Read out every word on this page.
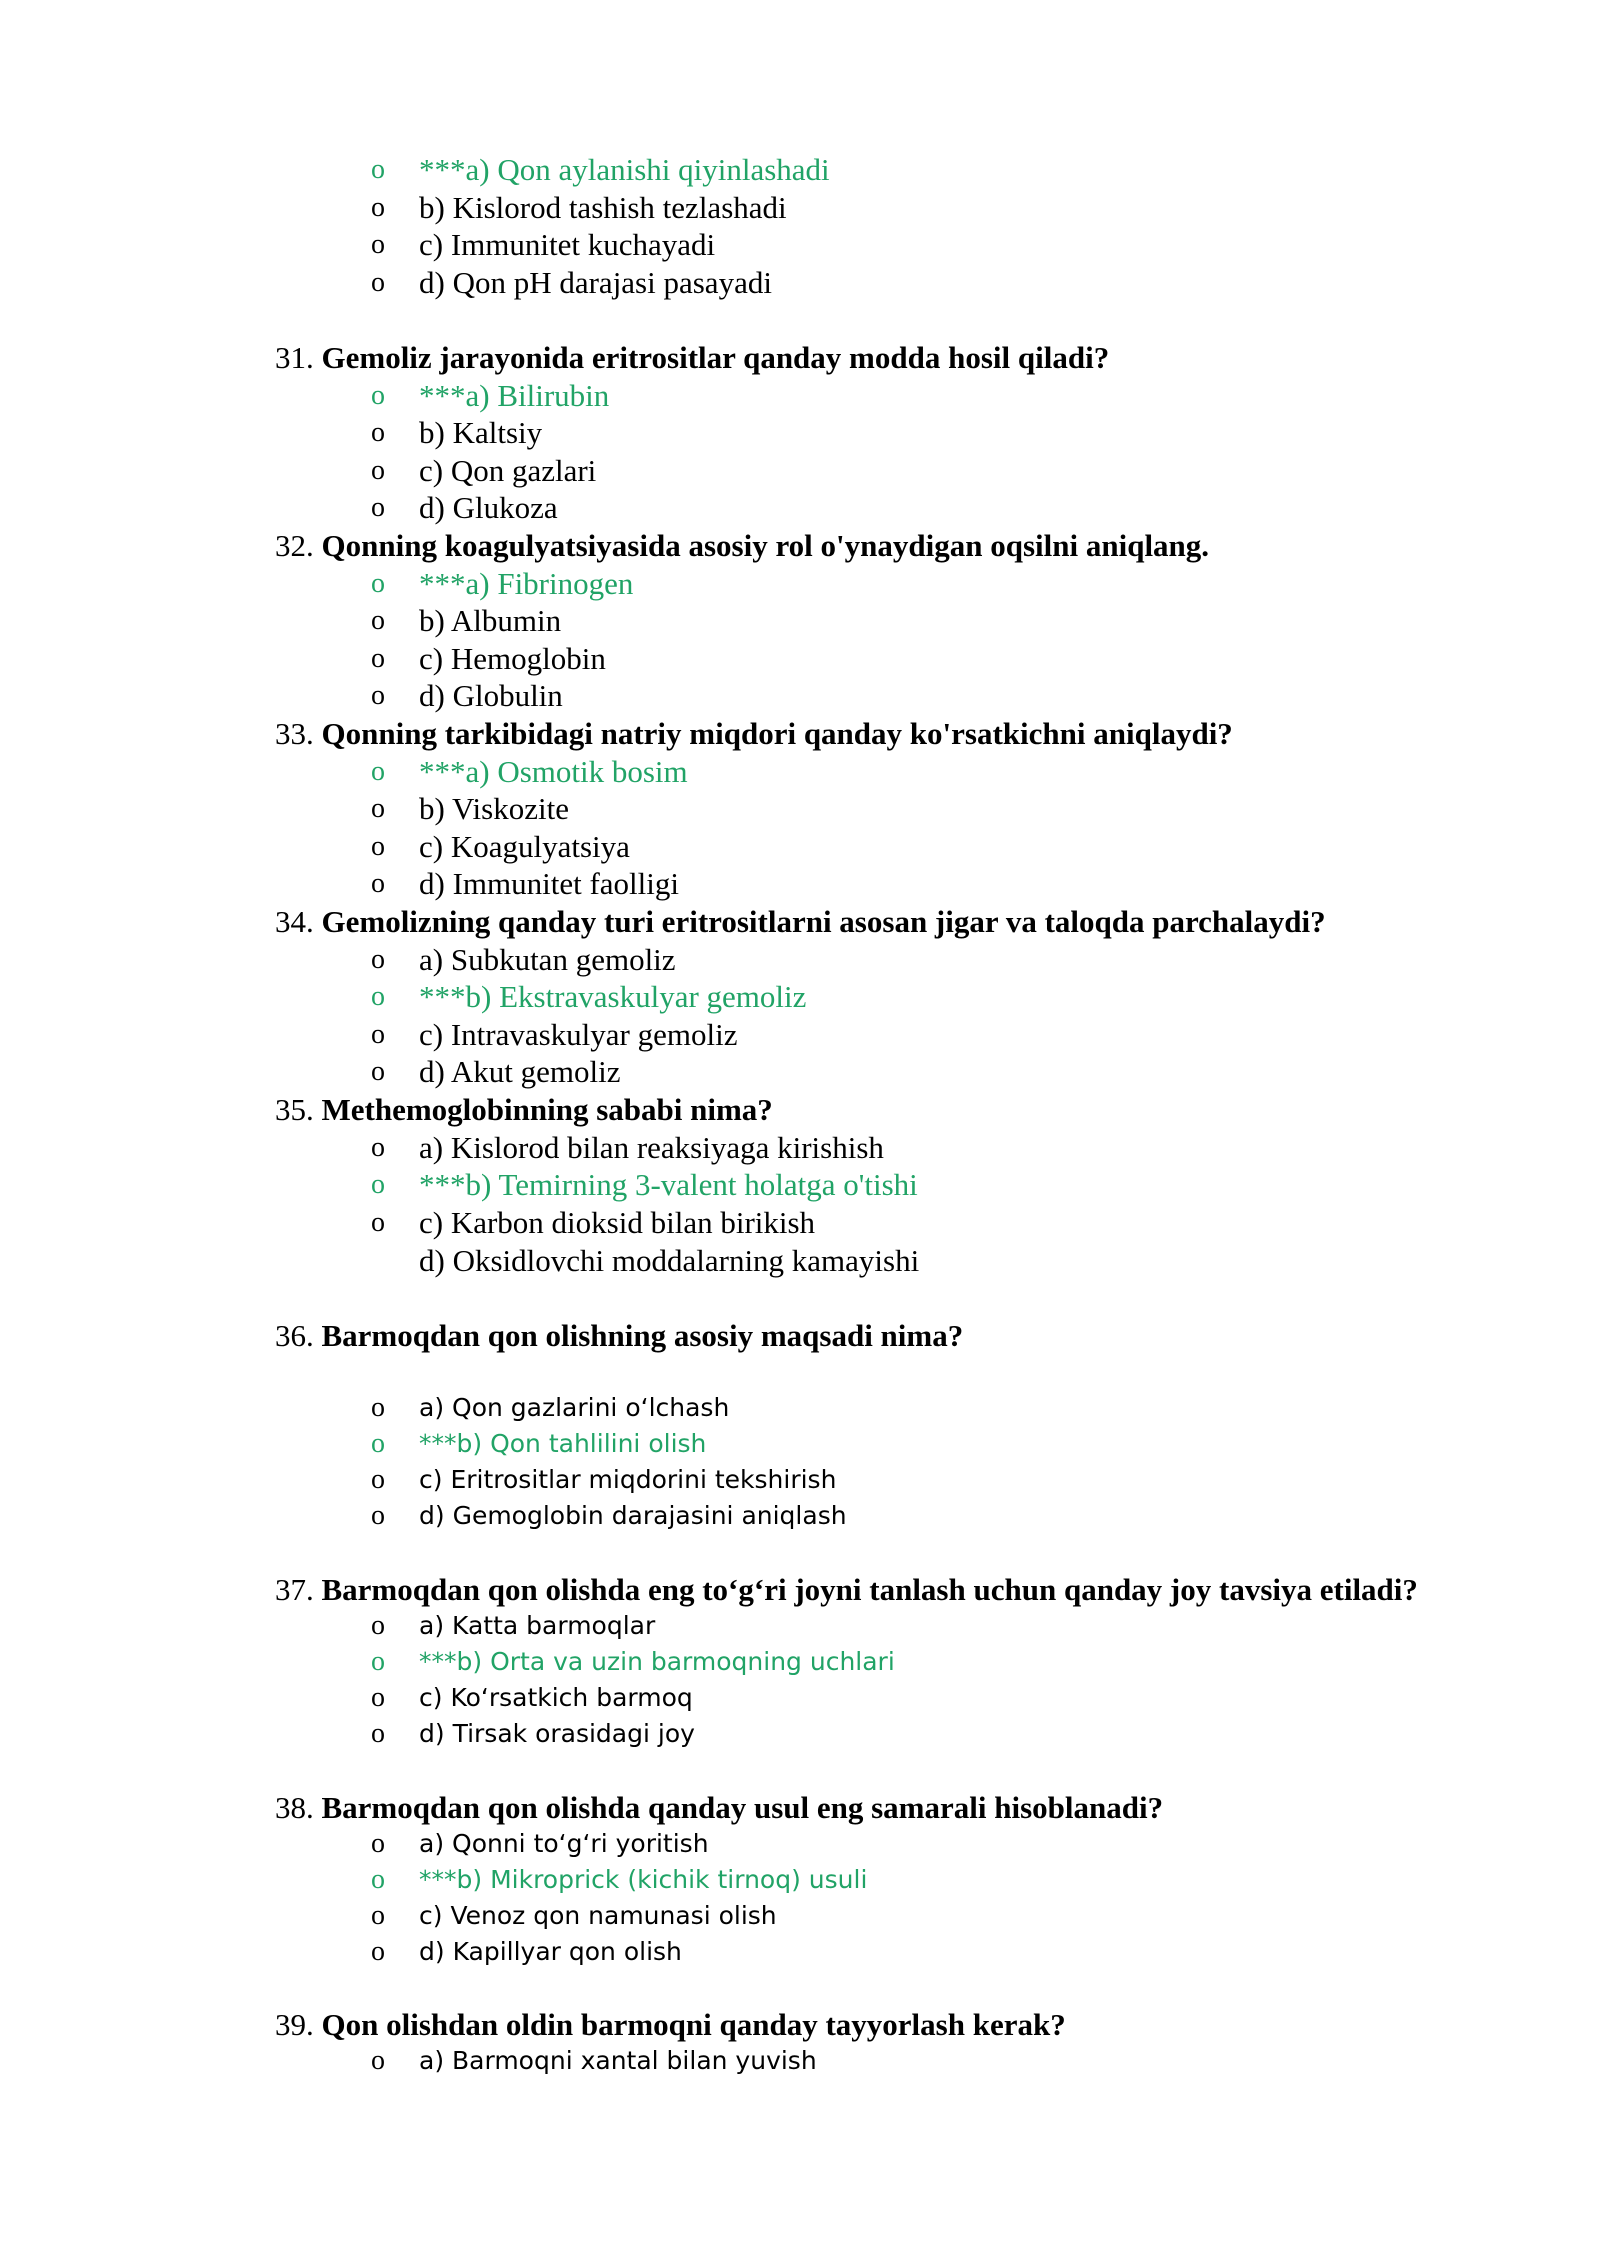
o ***a) Qon aylanishi qiyinlashadi
o b) Kislorod tashish tezlashadi
o c) Immunitet kuchayadi
o d) Qon pH darajasi pasayadi
31. Gemoliz jarayonida eritrositlar qanday modda hosil qiladi?
o ***a) Bilirubin
o b) Kaltsiy
o c) Qon gazlari
o d) Glukoza
32. Qonning koagulyatsiyasida asosiy rol o'ynaydigan oqsilni aniqlang.
o ***a) Fibrinogen
o b) Albumin
o c) Hemoglobin
o d) Globulin
33. Qonning tarkibidagi natriy miqdori qanday ko'rsatkichni aniqlaydi?
o ***a) Osmotik bosim
o b) Viskozite
o c) Koagulyatsiya
o d) Immunitet faolligi
34. Gemolizning qanday turi eritrositlarni asosan jigar va taloqda parchalaydi?
o a) Subkutan gemoliz
o ***b) Ekstravaskulyar gemoliz
o c) Intravaskulyar gemoliz
o d) Akut gemoliz
35. Methemoglobinning sababi nima?
o a) Kislorod bilan reaksiyaga kirishish
o ***b) Temirning 3-valent holatga o'tishi
o c) Karbon dioksid bilan birikish
d) Oksidlovchi moddalarning kamayishi
36. Barmoqdan qon olishning asosiy maqsadi nima?
o a) Qon gazlarini o‘lchash
o ***b) Qon tahlilini olish
o c) Eritrositlar miqdorini tekshirish
o d) Gemoglobin darajasini aniqlash
37. Barmoqdan qon olishda eng to‘g‘ri joyni tanlash uchun qanday joy tavsiya etiladi?
o a) Katta barmoqlar
o ***b) Orta va uzin barmoqning uchlari
o c) Ko‘rsatkich barmoq
o d) Tirsak orasidagi joy
38. Barmoqdan qon olishda qanday usul eng samarali hisoblanadi?
o a) Qonni to‘g‘ri yoritish
o ***b) Mikroprick (kichik tirnoq) usuli
o c) Venoz qon namunasi olish
o d) Kapillyar qon olish
39. Qon olishdan oldin barmoqni qanday tayyorlash kerak?
o a) Barmoqni xantal bilan yuvish
